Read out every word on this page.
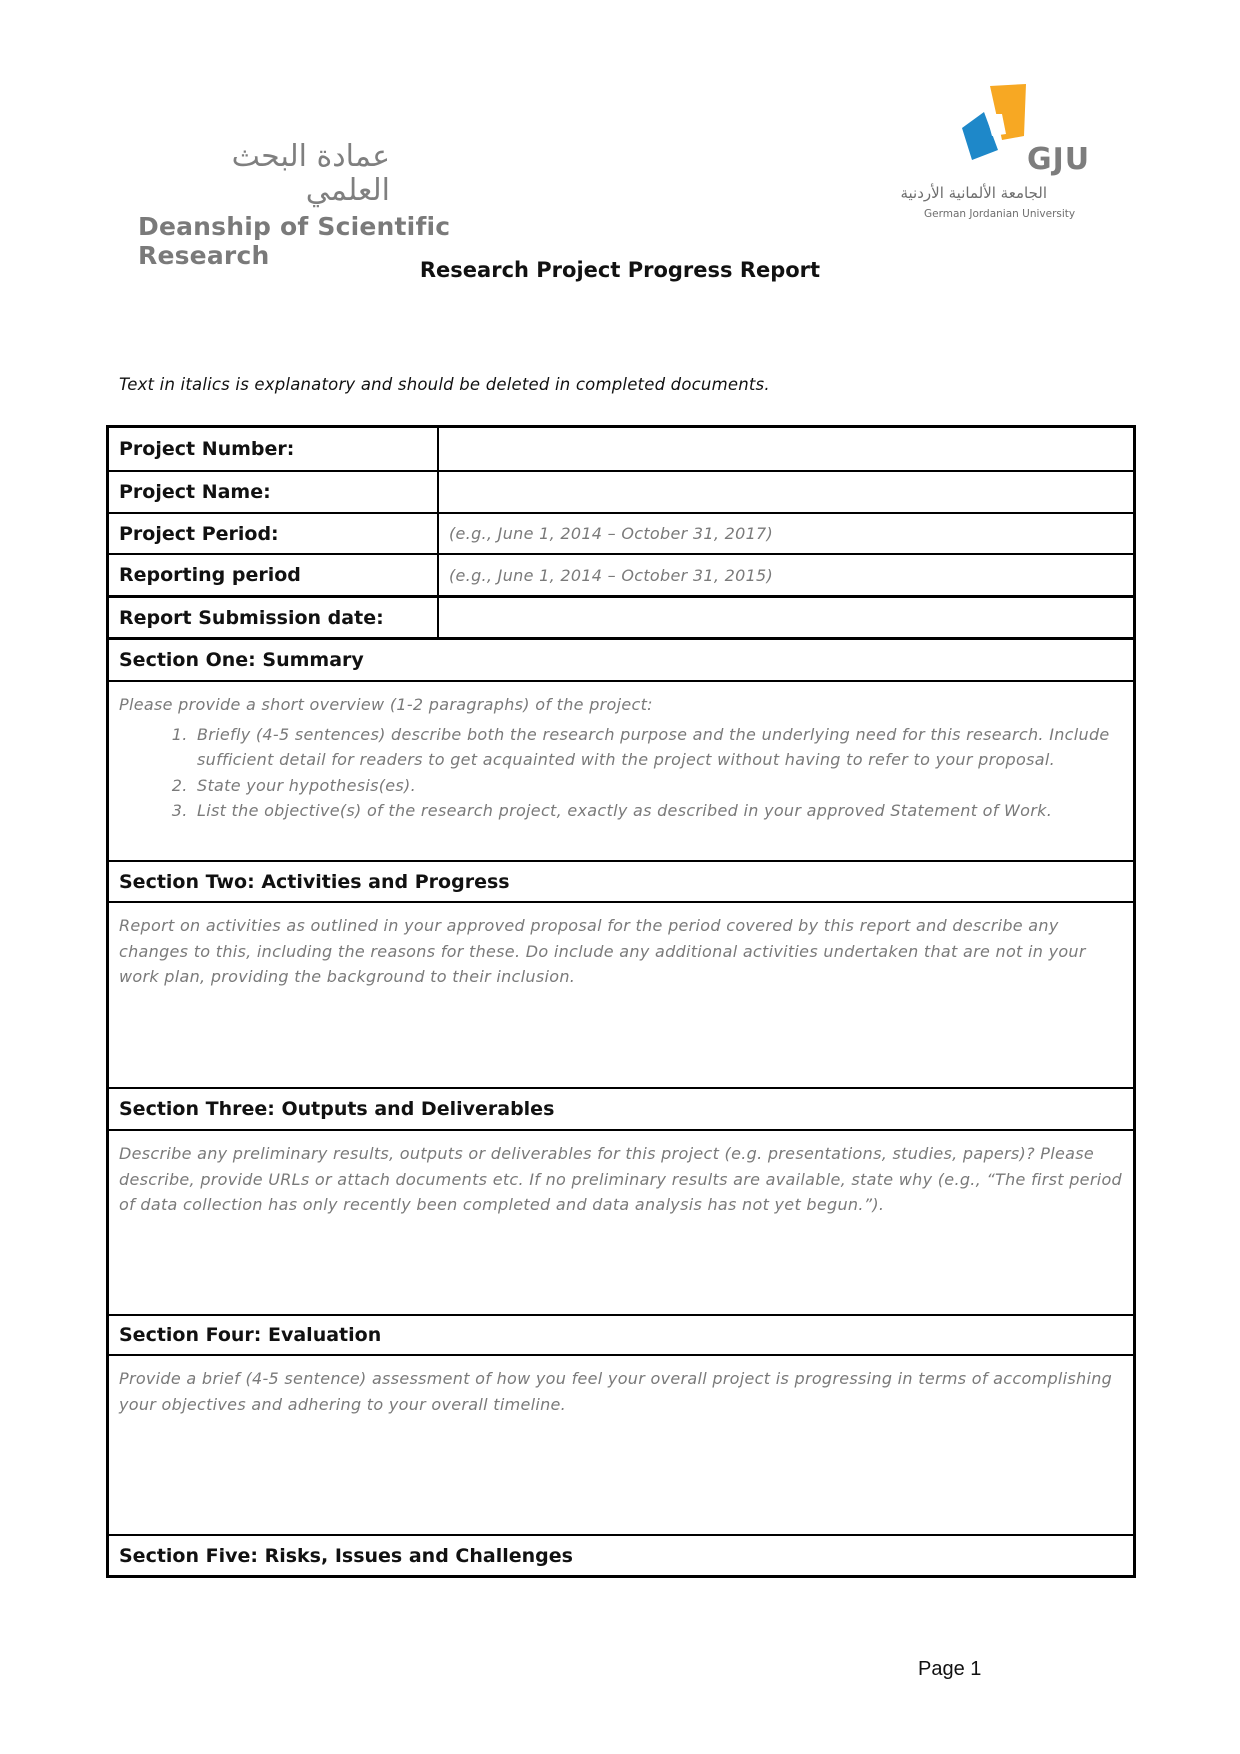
عمادة البحث العلمي
Deanship of Scientific Research
GJU
الجامعة الألمانية الأردنية
German Jordanian University
Research Project Progress Report
Text in italics is explanatory and should be deleted in completed documents.
Project Number:
Project Name:
Project Period:	(e.g., June 1, 2014 – October 31, 2017)
Reporting period	(e.g., June 1, 2014 – October 31, 2015)
Report Submission date:
Section One: Summary

Please provide a short overview (1-2 paragraphs) of the project:

1. Briefly (4-5 sentences) describe both the research purpose and the underlying need for this research. Include sufficient detail for readers to get acquainted with the project without having to refer to your proposal.
2. State your hypothesis(es).
3. List the objective(s) of the research project, exactly as described in your approved Statement of Work.
Section Two: Activities and Progress

Report on activities as outlined in your approved proposal for the period covered by this report and describe any changes to this, including the reasons for these. Do include any additional activities undertaken that are not in your work plan, providing the background to their inclusion.

Section Three: Outputs and Deliverables

Describe any preliminary results, outputs or deliverables for this project (e.g. presentations, studies, papers)? Please describe, provide URLs or attach documents etc. If no preliminary results are available, state why (e.g., “The first period of data collection has only recently been completed and data analysis has not yet begun.”).

Section Four: Evaluation

Provide a brief (4-5 sentence) assessment of how you feel your overall project is progressing in terms of accomplishing your objectives and adhering to your overall timeline.

Section Five: Risks, Issues and Challenges
Page 1
